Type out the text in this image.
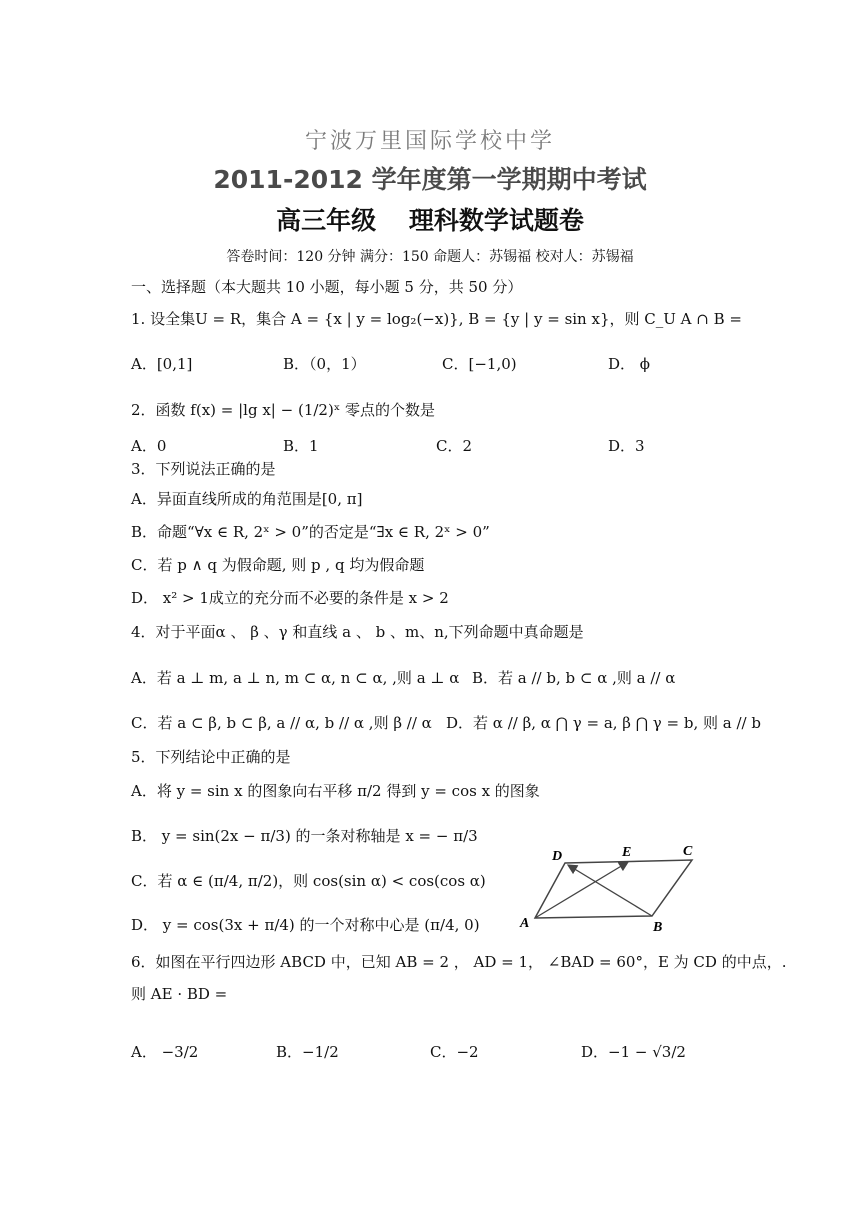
宁波万里国际学校中学
2011-2012 学年度第一学期期中考试
高三年级 理科数学试题卷
答卷时间：120 分钟 满分：150 命题人：苏锡福 校对人：苏锡福
一、选择题（本大题共 10 小题，每小题 5 分，共 50 分）
1. 设全集U = R，集合 A = {x | y = log₂(−x)}, B = {y | y = sin x}，则 C_U A ∩ B =
A．[0,1]	B．（0，1）	C．[−1,0)	D． ϕ
2．函数 f(x) = |lg x| − (1/2)ˣ 零点的个数是
A．0	B．1	C．2	D．3
3．下列说法正确的是
A．异面直线所成的角范围是[0, π]
B．命题“∀x ∈ R, 2ˣ > 0”的否定是“∃x ∈ R, 2ˣ > 0”
C．若 p ∧ q 为假命题, 则 p , q 均为假命题
D． x² > 1成立的充分而不必要的条件是 x > 2
4．对于平面α 、 β 、γ 和直线 a 、 b 、m、n,下列命题中真命题是
A．若 a ⊥ m, a ⊥ n, m ⊂ α, n ⊂ α, ,则 a ⊥ α B．若 a // b, b ⊂ α ,则 a // α
C．若 a ⊂ β, b ⊂ β, a // α, b // α ,则 β // α D．若 α // β, α ⋂ γ = a, β ⋂ γ = b, 则 a // b
5．下列结论中正确的是
A．将 y = sin x 的图象向右平移 π/2 得到 y = cos x 的图象
B． y = sin(2x − π/3) 的一条对称轴是 x = − π/3
C．若 α ∈ (π/4, π/2)，则 cos(sin α) < cos(cos α)
D． y = cos(3x + π/4) 的一个对称中心是 (π/4, 0)
D	E	C
A	B
6．如图在平行四边形 ABCD 中，已知 AB = 2 ， AD = 1， ∠BAD = 60°，E 为 CD 的中点，.
则 AE · BD =
A． −3/2	B．−1/2	C．−2	D．−1 − √3/2
